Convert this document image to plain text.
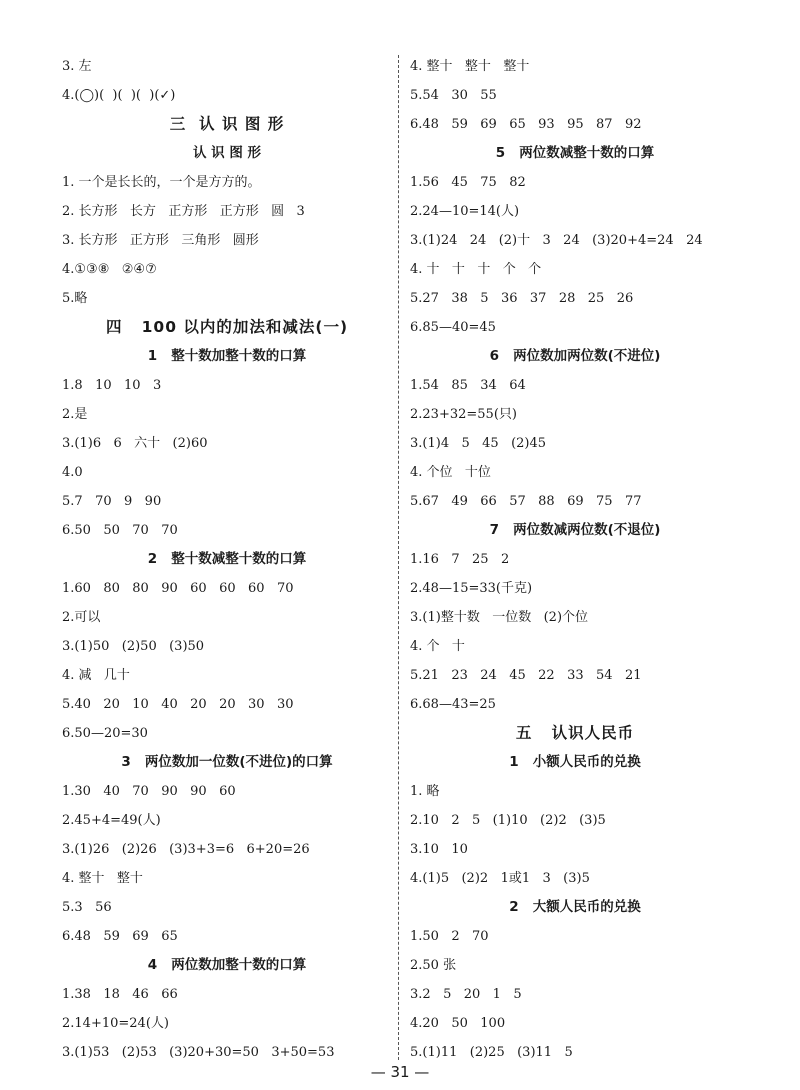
3. 左
4.(◯)(  )(  )(  )(✓)
三  认 识 图 形
认 识 图 形
1. 一个是长长的，一个是方方的。
2. 长方形   长方   正方形   正方形   圆   3
3. 长方形   正方形   三角形   圆形
4.①③⑧   ②④⑦
5.略
四   100 以内的加法和减法(一)
1   整十数加整十数的口算
1.8   10   10   3
2.是
3.(1)6   6   六十   (2)60
4.0
5.7   70   9   90
6.50   50   70   70
2   整十数减整十数的口算
1.60   80   80   90   60   60   60   70
2.可以
3.(1)50   (2)50   (3)50
4. 减   几十
5.40   20   10   40   20   20   30   30
6.50—20=30
3   两位数加一位数(不进位)的口算
1.30   40   70   90   90   60
2.45+4=49(人)
3.(1)26   (2)26   (3)3+3=6   6+20=26
4. 整十   整十
5.3   56
6.48   59   69   65
4   两位数加整十数的口算
1.38   18   46   66
2.14+10=24(人)
3.(1)53   (2)53   (3)20+30=50   3+50=53
4. 整十   整十   整十
5.54   30   55
6.48   59   69   65   93   95   87   92
5   两位数减整十数的口算
1.56   45   75   82
2.24—10=14(人)
3.(1)24   24   (2)十   3   24   (3)20+4=24   24
4. 十   十   十   个   个
5.27   38   5   36   37   28   25   26
6.85—40=45
6   两位数加两位数(不进位)
1.54   85   34   64
2.23+32=55(只)
3.(1)4   5   45   (2)45
4. 个位   十位
5.67   49   66   57   88   69   75   77
7   两位数减两位数(不退位)
1.16   7   25   2
2.48—15=33(千克)
3.(1)整十数   一位数   (2)个位
4. 个   十
5.21   23   24   45   22   33   54   21
6.68—43=25
五   认识人民币
1   小额人民币的兑换
1. 略
2.10   2   5   (1)10   (2)2   (3)5
3.10   10
4.(1)5   (2)2   1或1   3   (3)5
2   大额人民币的兑换
1.50   2   70
2.50 张
3.2   5   20   1   5
4.20   50   100
5.(1)11   (2)25   (3)11   5
— 31 —
